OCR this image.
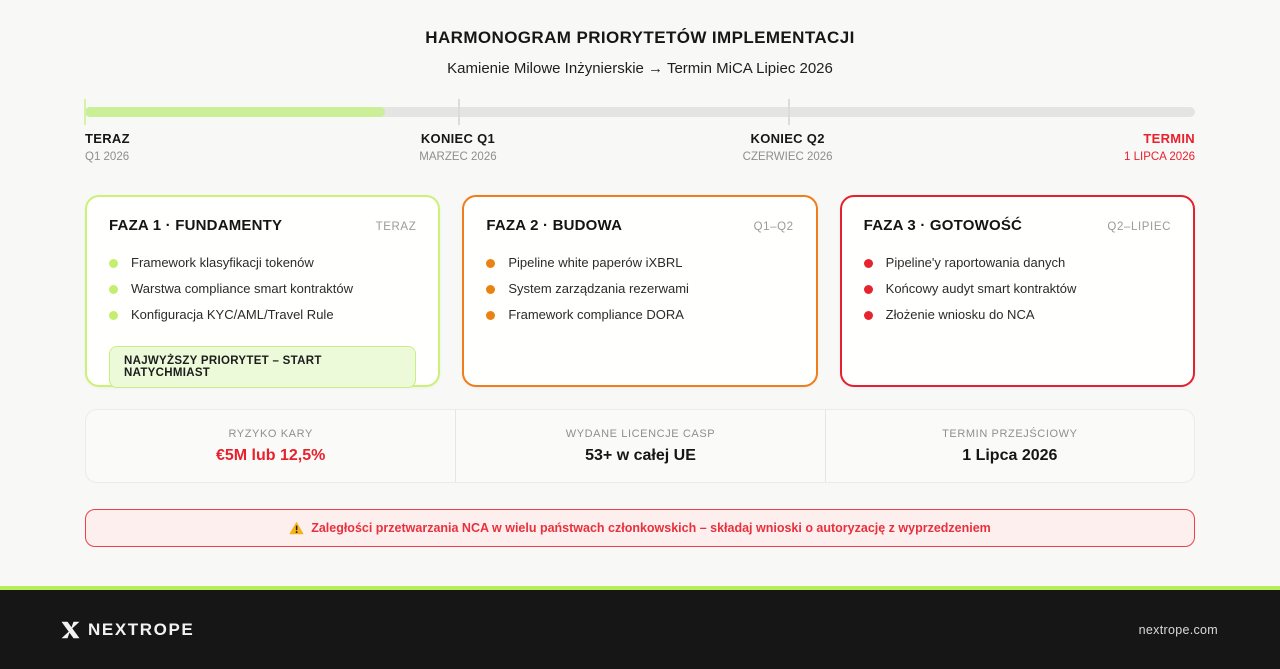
HARMONOGRAM PRIORYTETÓW IMPLEMENTACJI
Kamienie Milowe Inżynierskie → Termin MiCA Lipiec 2026
TERAZ
Q1 2026
KONIEC Q1
MARZEC 2026
KONIEC Q2
CZERWIEC 2026
TERMIN
1 LIPCA 2026
FAZA 1 · FUNDAMENTY	TERAZ
Framework klasyfikacji tokenów
Warstwa compliance smart kontraktów
Konfiguracja KYC/AML/Travel Rule
NAJWYŻSZY PRIORYTET – START NATYCHMIAST
FAZA 2 · BUDOWA	Q1–Q2
Pipeline white paperów iXBRL
System zarządzania rezerwami
Framework compliance DORA
FAZA 3 · GOTOWOŚĆ	Q2–LIPIEC
Pipeline'y raportowania danych
Końcowy audyt smart kontraktów
Złożenie wniosku do NCA
RYZYKO KARY
€5M lub 12,5%
WYDANE LICENCJE CASP
53+ w całej UE
TERMIN PRZEJŚCIOWY
1 Lipca 2026
Zaległości przetwarzania NCA w wielu państwach członkowskich – składaj wnioski o autoryzację z wyprzedzeniem
NEXTROPE	nextrope.com
